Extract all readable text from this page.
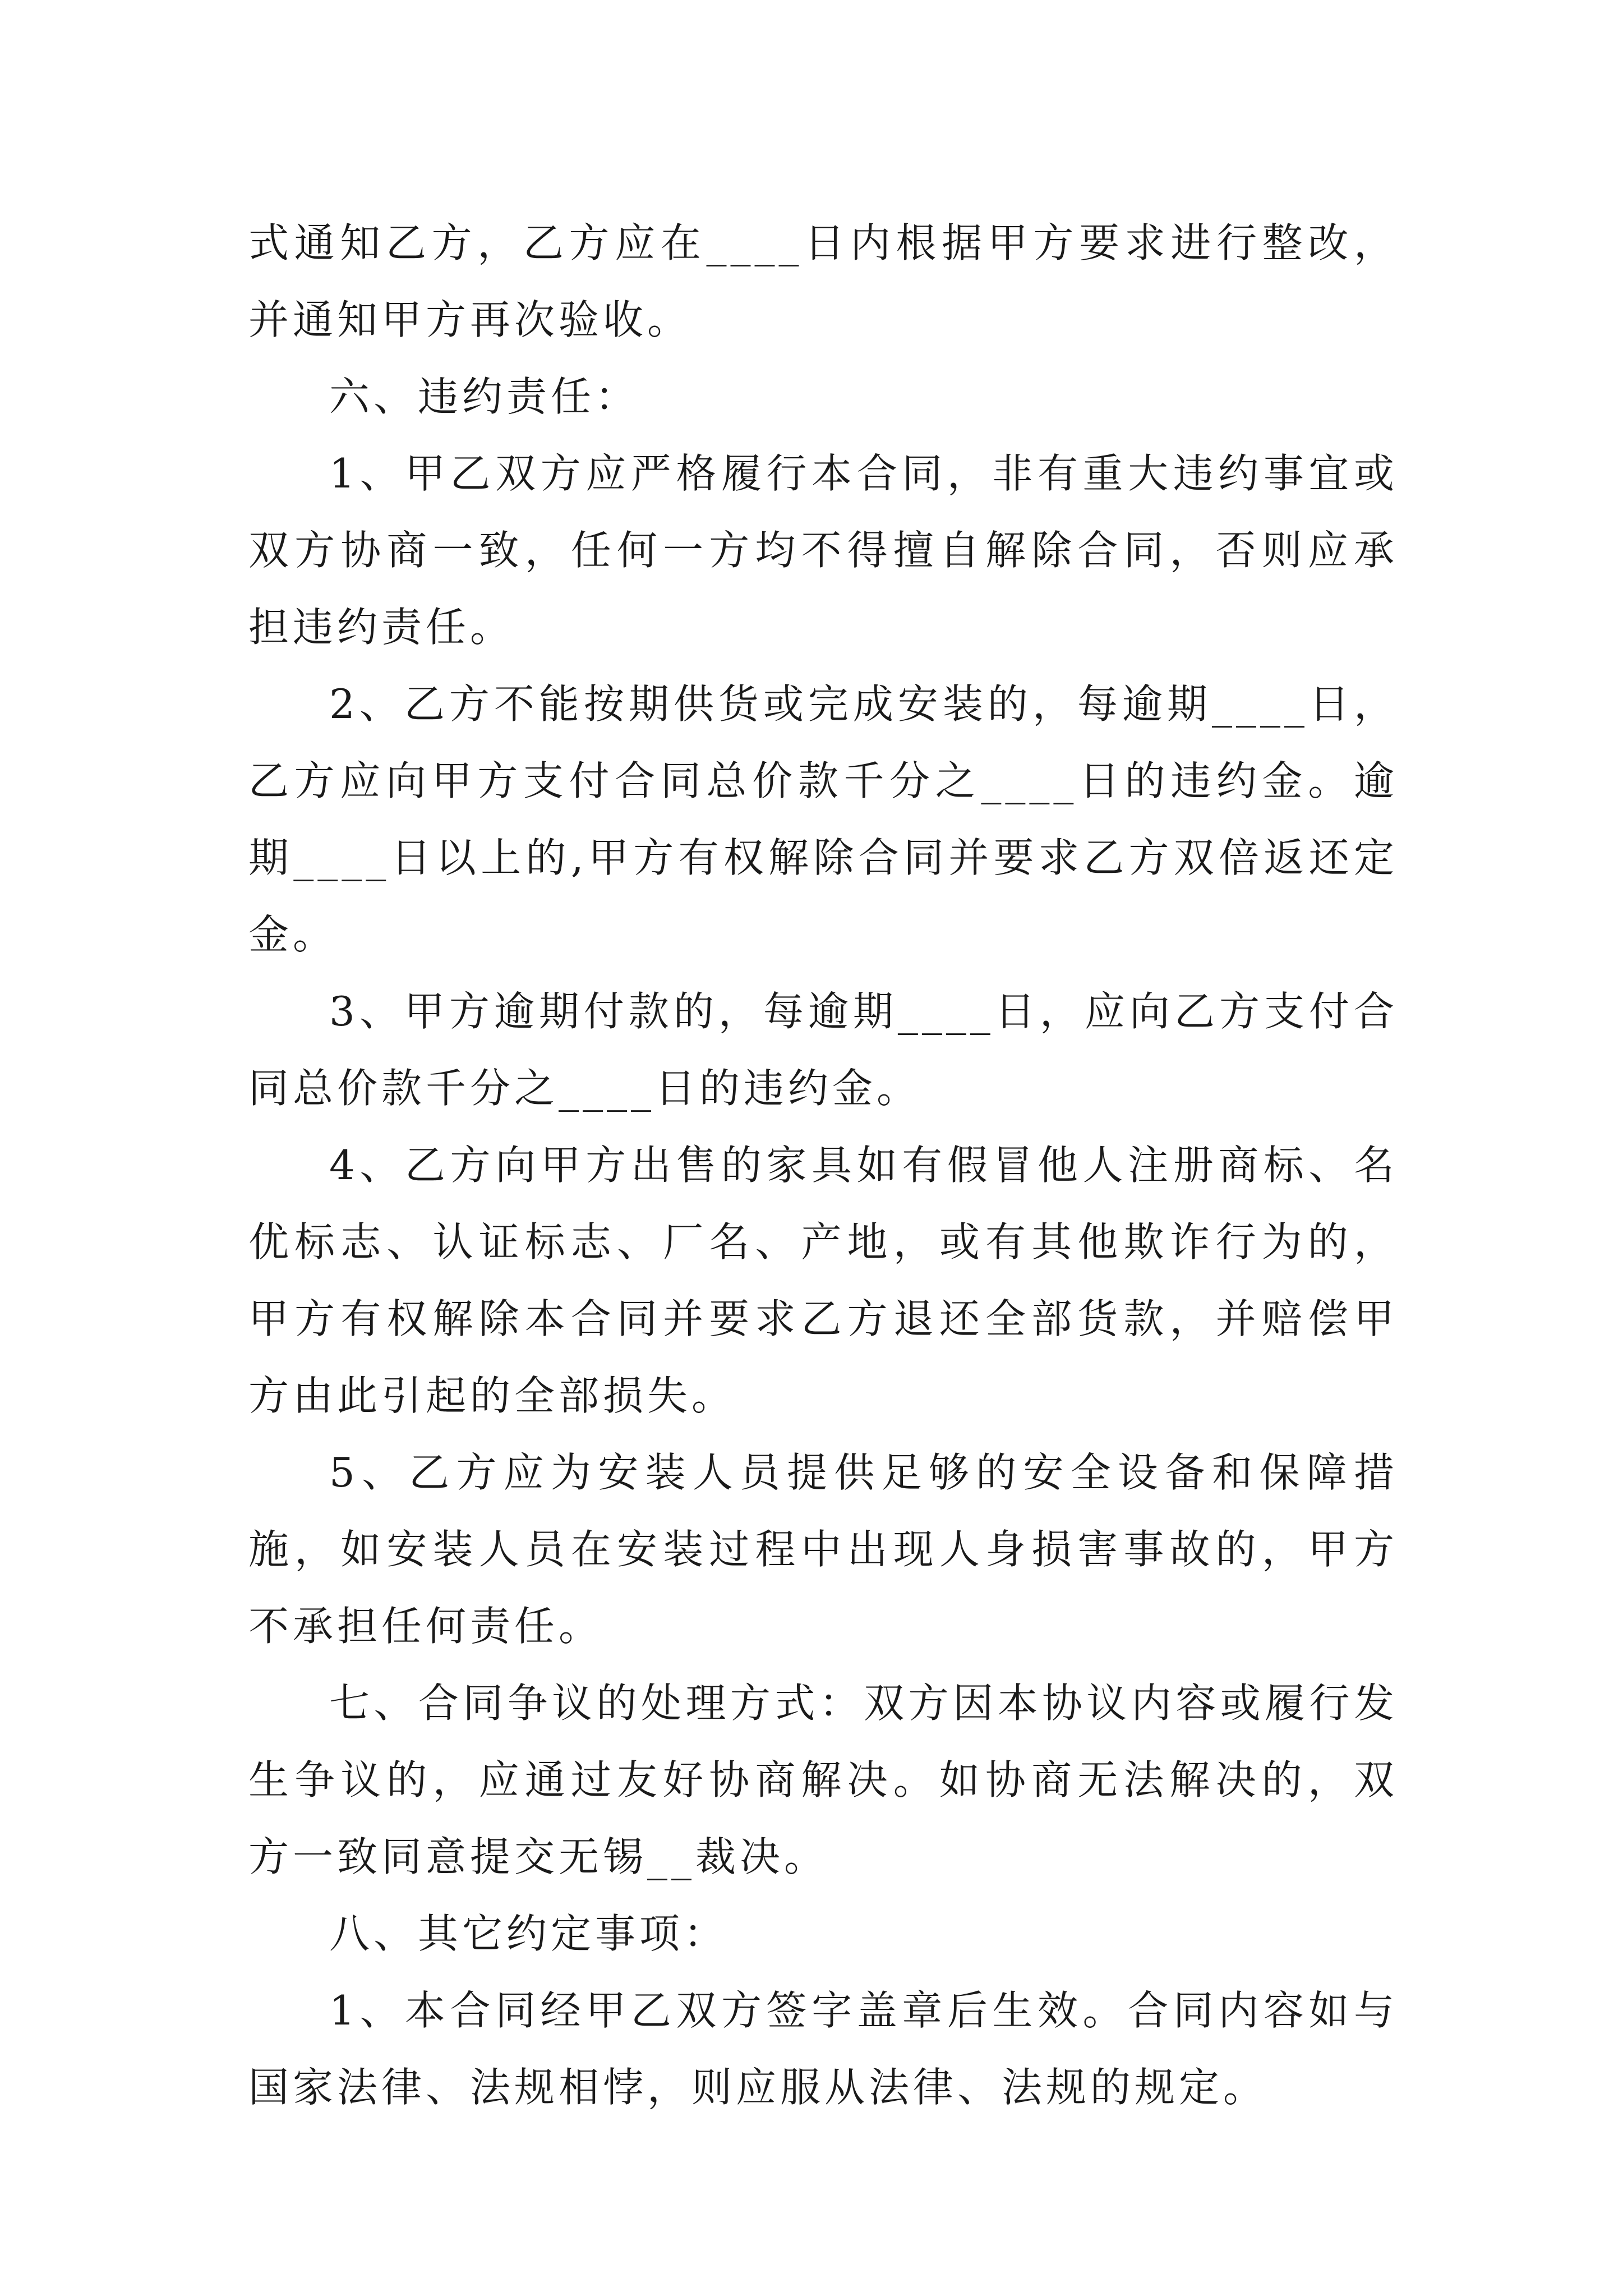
式通知乙方，乙方应在____日内根据甲方要求进行整改，并通知甲方再次验收。

六、违约责任：

1、甲乙双方应严格履行本合同，非有重大违约事宜或双方协商一致，任何一方均不得擅自解除合同，否则应承担违约责任。

2、乙方不能按期供货或完成安装的，每逾期____日，乙方应向甲方支付合同总价款千分之____日的违约金。逾期____日以上的,甲方有权解除合同并要求乙方双倍返还定金。

3、甲方逾期付款的，每逾期____日，应向乙方支付合同总价款千分之____日的违约金。

4、乙方向甲方出售的家具如有假冒他人注册商标、名优标志、认证标志、厂名、产地，或有其他欺诈行为的，甲方有权解除本合同并要求乙方退还全部货款，并赔偿甲方由此引起的全部损失。

5、乙方应为安装人员提供足够的安全设备和保障措施，如安装人员在安装过程中出现人身损害事故的，甲方不承担任何责任。

七、合同争议的处理方式：双方因本协议内容或履行发生争议的，应通过友好协商解决。如协商无法解决的，双方一致同意提交无锡__裁决。

八、其它约定事项：

1、本合同经甲乙双方签字盖章后生效。合同内容如与国家法律、法规相悖，则应服从法律、法规的规定。
